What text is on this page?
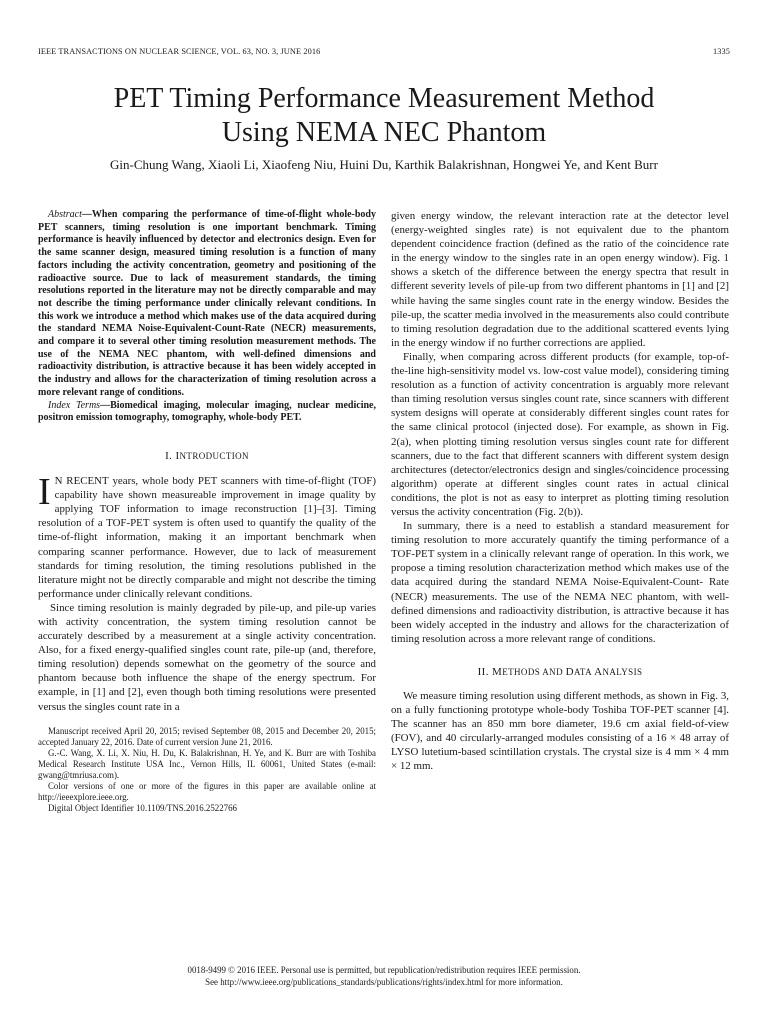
IEEE TRANSACTIONS ON NUCLEAR SCIENCE, VOL. 63, NO. 3, JUNE 2016	1335
PET Timing Performance Measurement Method
Using NEMA NEC Phantom
Gin-Chung Wang, Xiaoli Li, Xiaofeng Niu, Huini Du, Karthik Balakrishnan, Hongwei Ye, and Kent Burr

Abstract—When comparing the performance of time-of-flight whole-body PET scanners, timing resolution is one important benchmark. Timing performance is heavily influenced by detector and electronics design. Even for the same scanner design, measured timing resolution is a function of many factors including the activity concentration, geometry and positioning of the radioactive source. Due to lack of measurement standards, the timing resolutions reported in the literature may not be directly comparable and may not describe the timing performance under clinically relevant conditions. In this work we introduce a method which makes use of the data acquired during the standard NEMA Noise-Equivalent-Count-Rate (NECR) measurements, and compare it to several other timing resolution measurement methods. The use of the NEMA NEC phantom, with well-defined dimensions and radioactivity distribution, is attractive because it has been widely accepted in the industry and allows for the characterization of timing resolution across a more relevant range of conditions.

Index Terms—Biomedical imaging, molecular imaging, nuclear medicine, positron emission tomography, tomography, whole-body PET.

I. INTRODUCTION

I N RECENT years, whole body PET scanners with time-of-flight (TOF) capability have shown measureable improvement in image quality by applying TOF information to image reconstruction [1]–[3]. Timing resolution of a TOF-PET system is often used to quantify the quality of the time-of-flight information, making it an important benchmark when comparing scanner performance. However, due to lack of measurement standards for timing resolution, the timing resolutions published in the literature might not be directly comparable and might not describe the timing performance under clinically relevant conditions.

Since timing resolution is mainly degraded by pile-up, and pile-up varies with activity concentration, the system timing resolution cannot be accurately described by a measurement at a single activity concentration. Also, for a fixed energy-qualified singles count rate, pile-up (and, therefore, timing resolution) depends somewhat on the geometry of the source and phantom because both influence the shape of the energy spectrum. For example, in [1] and [2], even though both timing resolutions were presented versus the singles count rate in a

Manuscript received April 20, 2015; revised September 08, 2015 and December 20, 2015; accepted January 22, 2016. Date of current version June 21, 2016.

G.-C. Wang, X. Li, X. Niu, H. Du, K. Balakrishnan, H. Ye, and K. Burr are with Toshiba Medical Research Institute USA Inc., Vernon Hills, IL 60061, United States (e-mail: gwang@tmriusa.com).

Color versions of one or more of the figures in this paper are available online at http://ieeexplore.ieee.org.

Digital Object Identifier 10.1109/TNS.2016.2522766

given energy window, the relevant interaction rate at the detector level (energy-weighted singles rate) is not equivalent due to the phantom dependent coincidence fraction (defined as the ratio of the coincidence rate in the energy window to the singles rate in an open energy window). Fig. 1 shows a sketch of the difference between the energy spectra that result in different severity levels of pile-up from two different phantoms in [1] and [2] while having the same singles count rate in the energy window. Besides the pile-up, the scatter media involved in the measurements also could contribute to timing resolution degradation due to the additional scattered events lying in the energy window if no further corrections are applied.

Finally, when comparing across different products (for example, top-of-the-line high-sensitivity model vs. low-cost value model), considering timing resolution as a function of activity concentration is arguably more relevant than timing resolution versus singles count rate, since scanners with different system designs will operate at considerably different singles count rates for the same clinical protocol (injected dose). For example, as shown in Fig. 2(a), when plotting timing resolution versus singles count rate for different scanners, due to the fact that different scanners with different system design architectures (detector/electronics design and singles/coincidence processing algorithm) operate at different singles count rates in actual clinical conditions, the plot is not as easy to interpret as plotting timing resolution versus the activity concentration (Fig. 2(b)).

In summary, there is a need to establish a standard measurement for timing resolution to more accurately quantify the timing performance of a TOF-PET system in a clinically relevant range of operation. In this work, we propose a timing resolution characterization method which makes use of the data acquired during the standard NEMA Noise-Equivalent-Count- Rate (NECR) measurements. The use of the NEMA NEC phantom, with well-defined dimensions and radioactivity distribution, is attractive because it has been widely accepted in the industry and allows for the characterization of timing resolution across a more relevant range of conditions.

II. METHODS AND DATA ANALYSIS

We measure timing resolution using different methods, as shown in Fig. 3, on a fully functioning prototype whole-body Toshiba TOF-PET scanner [4]. The scanner has an 850 mm bore diameter, 19.6 cm axial field-of-view (FOV), and 40 circularly-arranged modules consisting of a 16 × 48 array of LYSO lutetium-based scintillation crystals. The crystal size is 4 mm × 4 mm × 12 mm.

0018-9499 © 2016 IEEE. Personal use is permitted, but republication/redistribution requires IEEE permission.
See http://www.ieee.org/publications_standards/publications/rights/index.html for more information.
